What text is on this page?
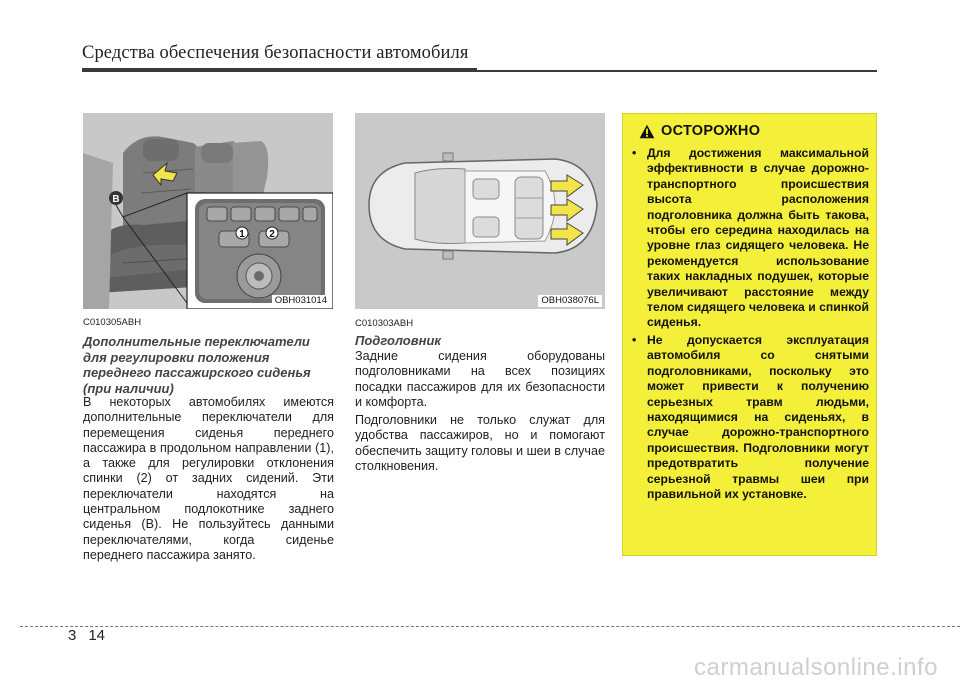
Средства обеспечения безопасности автомобиля
B
1 2
OBH031014	OBH038076L
C010305ABH
Дополнительные переключатели
для регулировки положения
переднего пассажирского сиденья
(при наличии)

В некоторых автомобилях имеются дополнительные переключатели для перемещения сиденья переднего пассажира в продольном направлении (1), а также для регулировки отклонения спинки (2) от задних сидений. Эти переключатели находятся на центральном подлокотнике заднего сиденья (B). Не пользуйтесь данными переключателями, когда сиденье переднего пассажира занято.

C010303ABH
Подголовник

Задние сидения оборудованы подголовниками на всех позициях посадки пассажиров для их безопасности и комфорта.

Подголовники не только служат для удобства пассажиров, но и помогают обеспечить защиту головы и шеи в случае столкновения.

ОСТОРОЖНО
• Для достижения максимальной эффективности в случае дорожно-транспортного происшествия высота расположения подголовника должна быть такова, чтобы его середина находилась на уровне глаз сидящего человека. Не рекомендуется использование таких накладных подушек, которые увеличивают расстояние между телом сидящего человека и спинкой сиденья.
• Не допускается эксплуатация автомобиля со снятыми подголовниками, поскольку это может привести к получению серьезных травм людьми, находящимися на сиденьях, в случае дорожно-транспортного происшествия. Подголовники могут предотвратить получение серьезной травмы шеи при правильной их установке.
3 14
carmanualsonline.info
